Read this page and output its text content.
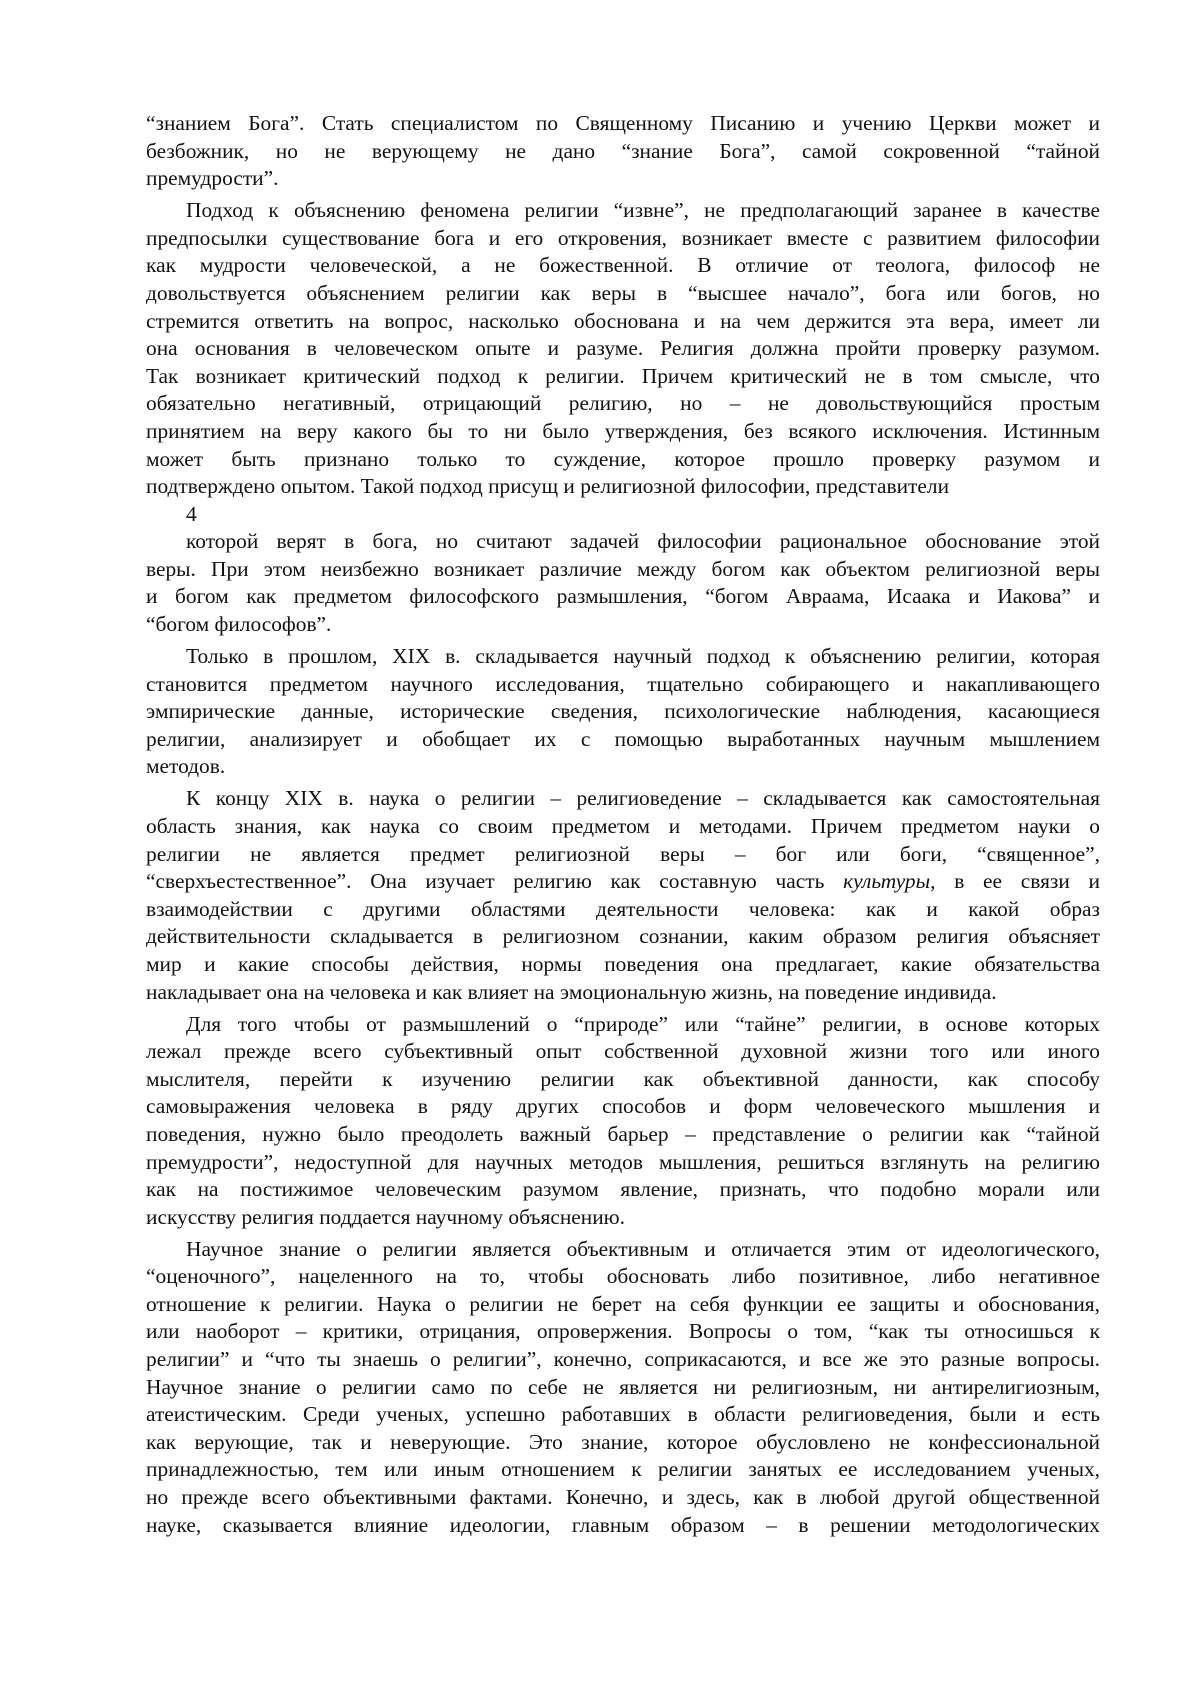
“знанием Бога”. Стать специалистом по Священному Писанию и учению Церкви может и
безбожник, но не верующему не дано “знание Бога”, самой сокровенной “тайной
премудрости”.
Подход к объяснению феномена религии “извне”, не предполагающий заранее в качестве
предпосылки существование бога и его откровения, возникает вместе с развитием философии
как мудрости человеческой, а не божественной. В отличие от теолога, философ не
довольствуется объяснением религии как веры в “высшее начало”, бога или богов, но
стремится ответить на вопрос, насколько обоснована и на чем держится эта вера, имеет ли
она основания в человеческом опыте и разуме. Религия должна пройти проверку разумом.
Так возникает критический подход к религии. Причем критический не в том смысле, что
обязательно негативный, отрицающий религию, но – не довольствующийся простым
принятием на веру какого бы то ни было утверждения, без всякого исключения. Истинным
может быть признано только то суждение, которое прошло проверку разумом и
подтверждено опытом. Такой подход присущ и религиозной философии, представители
4
которой верят в бога, но считают задачей философии рациональное обоснование этой
веры. При этом неизбежно возникает различие между богом как объектом религиозной веры
и богом как предметом философского размышления, “богом Авраама, Исаака и Иакова” и
“богом философов”.
Только в прошлом, XIX в. складывается научный подход к объяснению религии, которая
становится предметом научного исследования, тщательно собирающего и накапливающего
эмпирические данные, исторические сведения, психологические наблюдения, касающиеся
религии, анализирует и обобщает их с помощью выработанных научным мышлением
методов.
К концу XIX в. наука о религии – религиоведение – складывается как самостоятельная
область знания, как наука со своим предметом и методами. Причем предметом науки о
религии не является предмет религиозной веры – бог или боги, “священное”,
“сверхъестественное”. Она изучает религию как составную часть культуры, в ее связи и
взаимодействии с другими областями деятельности человека: как и какой образ
действительности складывается в религиозном сознании, каким образом религия объясняет
мир и какие способы действия, нормы поведения она предлагает, какие обязательства
накладывает она на человека и как влияет на эмоциональную жизнь, на поведение индивида.
Для того чтобы от размышлений о “природе” или “тайне” религии, в основе которых
лежал прежде всего субъективный опыт собственной духовной жизни того или иного
мыслителя, перейти к изучению религии как объективной данности, как способу
самовыражения человека в ряду других способов и форм человеческого мышления и
поведения, нужно было преодолеть важный барьер – представление о религии как “тайной
премудрости”, недоступной для научных методов мышления, решиться взглянуть на религию
как на постижимое человеческим разумом явление, признать, что подобно морали или
искусству религия поддается научному объяснению.
Научное знание о религии является объективным и отличается этим от идеологического,
“оценочного”, нацеленного на то, чтобы обосновать либо позитивное, либо негативное
отношение к религии. Наука о религии не берет на себя функции ее защиты и обоснования,
или наоборот – критики, отрицания, опровержения. Вопросы о том, “как ты относишься к
религии” и “что ты знаешь о религии”, конечно, соприкасаются, и все же это разные вопросы.
Научное знание о религии само по себе не является ни религиозным, ни антирелигиозным,
атеистическим. Среди ученых, успешно работавших в области религиоведения, были и есть
как верующие, так и неверующие. Это знание, которое обусловлено не конфессиональной
принадлежностью, тем или иным отношением к религии занятых ее исследованием ученых,
но прежде всего объективными фактами. Конечно, и здесь, как в любой другой общественной
науке, сказывается влияние идеологии, главным образом – в решении методологических
